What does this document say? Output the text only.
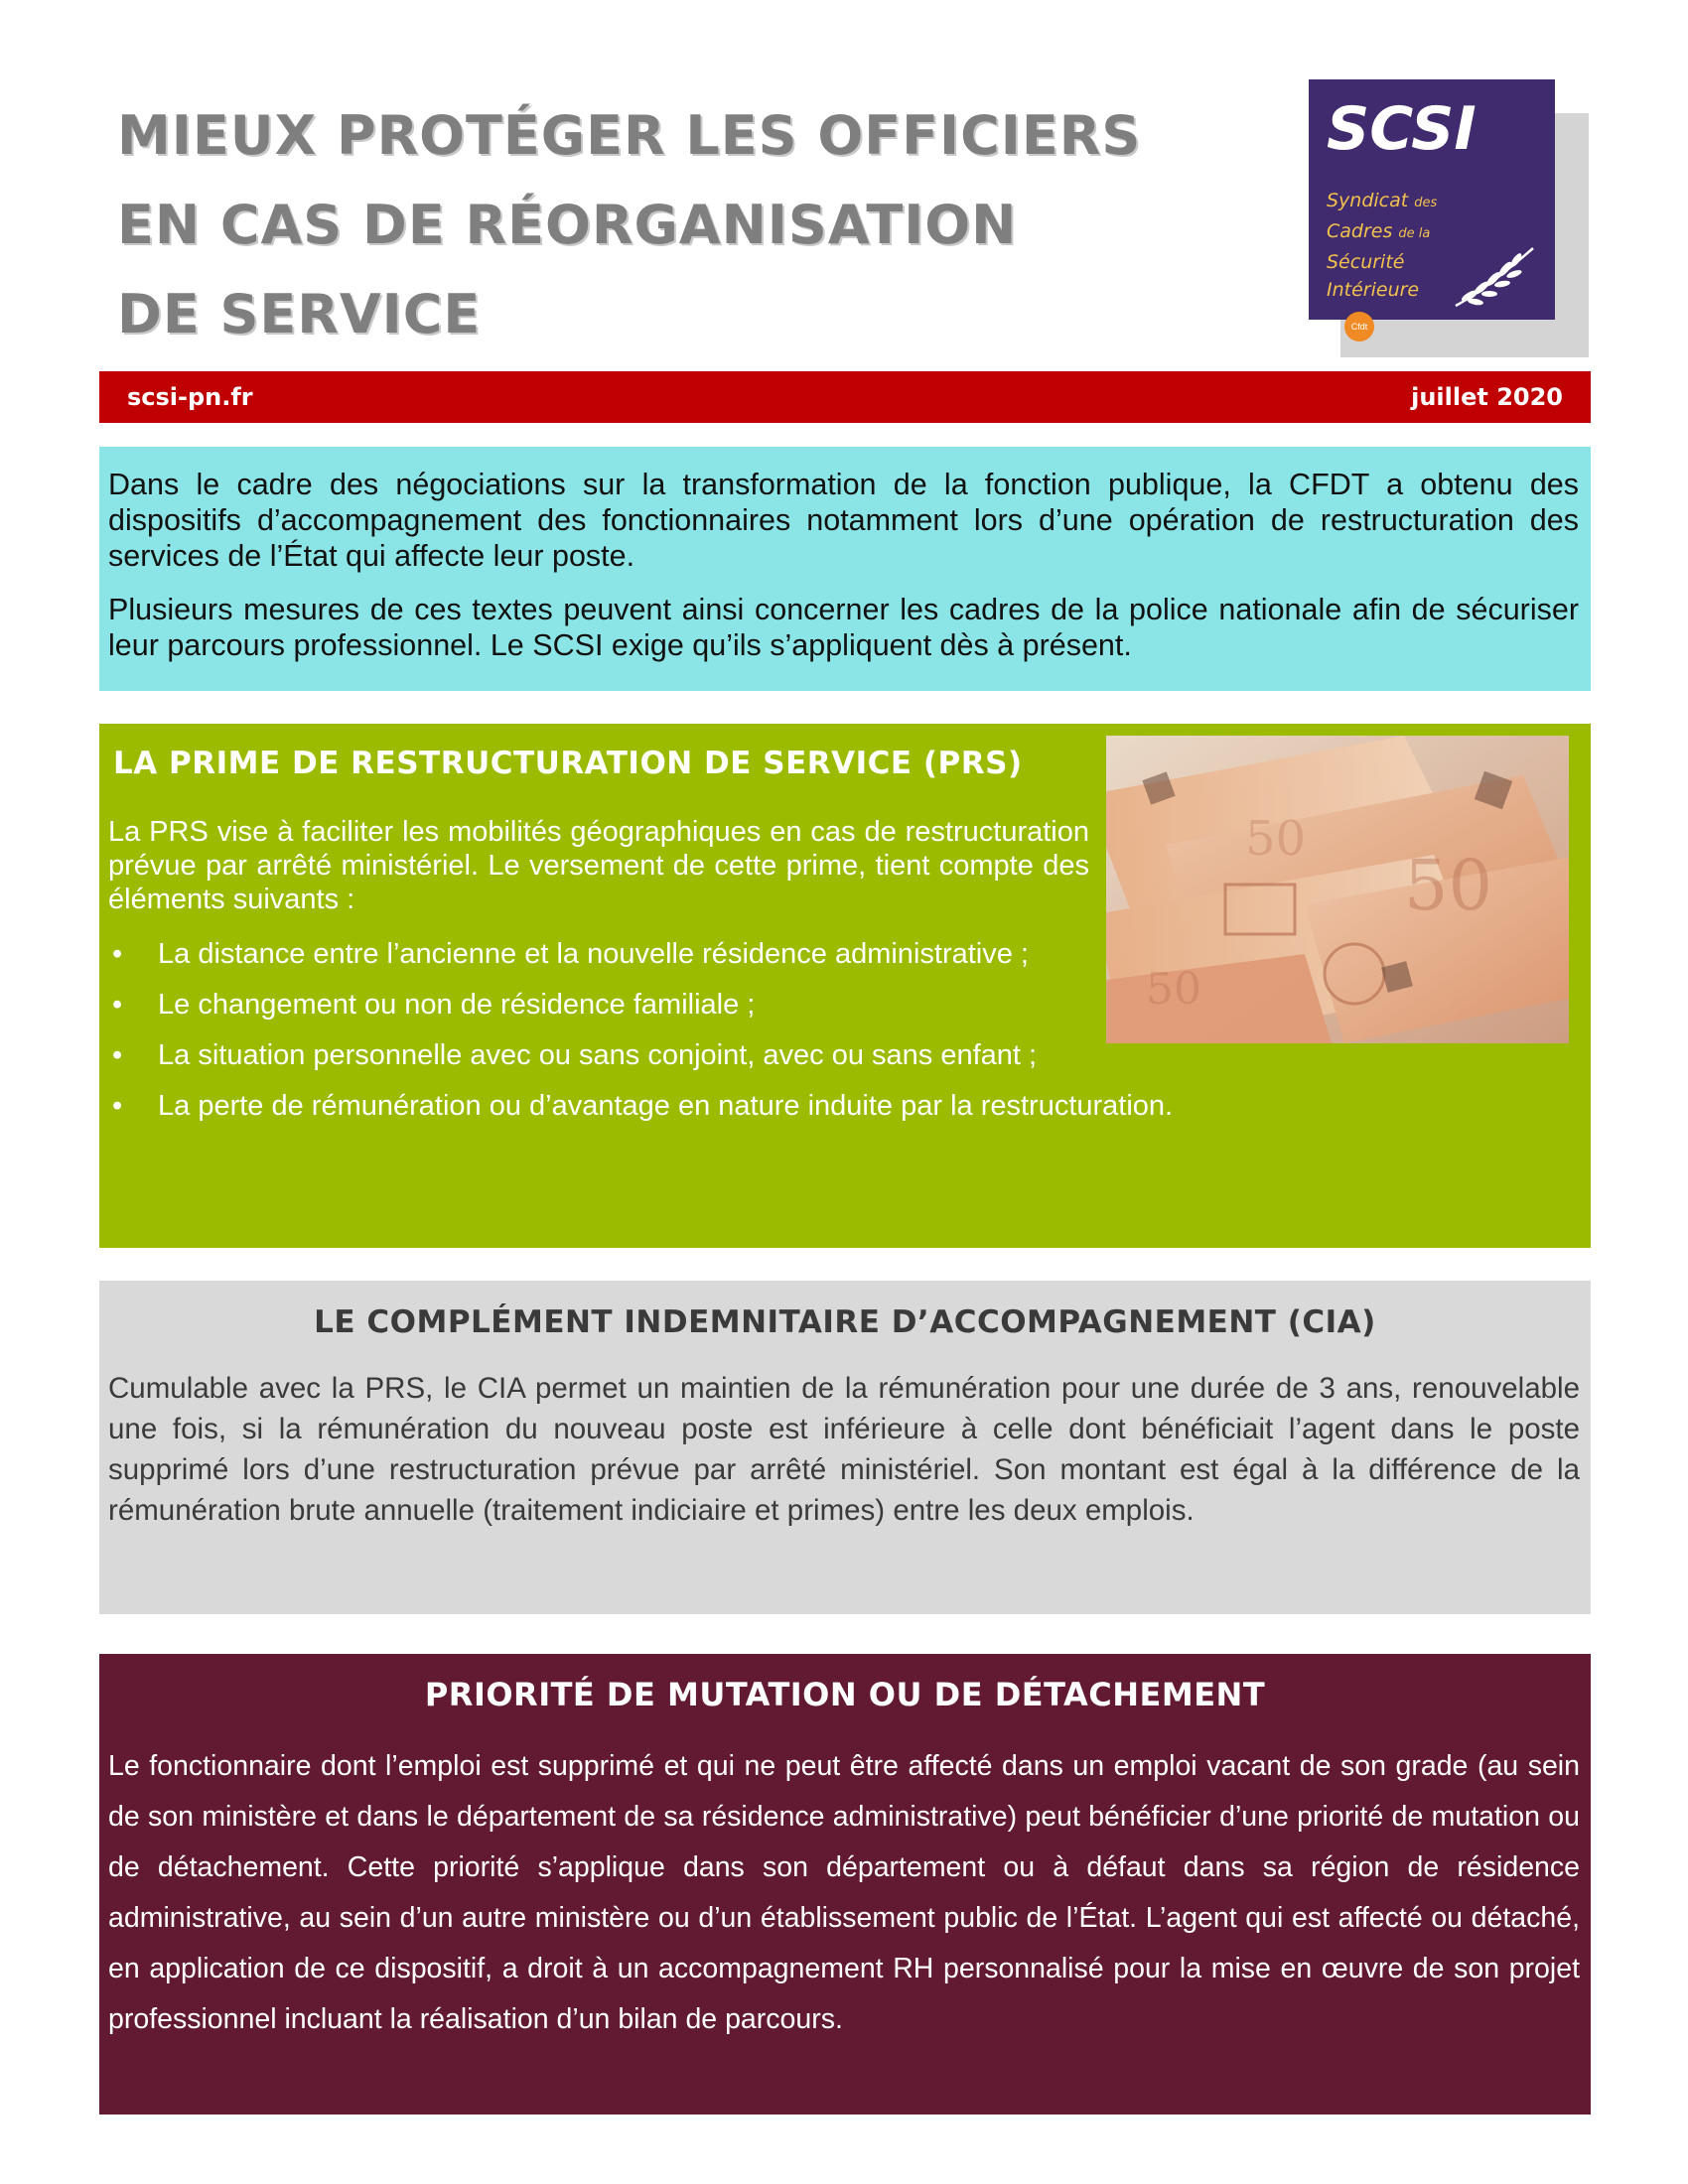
MIEUX PROTÉGER LES OFFICIERS
EN CAS DE RÉORGANISATION
DE SERVICE
SCSI
Syndicat des
Cadres de la
Sécurité
Intérieure
Cfdt
scsi-pn.fr	juillet 2020

Dans le cadre des négociations sur la transformation de la fonction publique, la CFDT a obtenu des dispositifs d’accompagnement des fonctionnaires notamment lors d’une opération de restructuration des services de l’État qui affecte leur poste.

Plusieurs mesures de ces textes peuvent ainsi concerner les cadres de la police nationale afin de sécuriser leur parcours professionnel. Le SCSI exige qu’ils s’appliquent dès à présent.

LA PRIME DE RESTRUCTURATION DE SERVICE (PRS)
La PRS vise à faciliter les mobilités géographiques en cas de restructuration prévue par arrêté ministériel. Le versement de cette prime, tient compte des éléments suivants :
• La distance entre l’ancienne et la nouvelle résidence administrative ;
• Le changement ou non de résidence familiale ;
• La situation personnelle avec ou sans conjoint, avec ou sans enfant ;
• La perte de rémunération ou d’avantage en nature induite par la restructuration.
50
50
50
LE COMPLÉMENT INDEMNITAIRE D’ACCOMPAGNEMENT (CIA)
Cumulable avec la PRS, le CIA permet un maintien de la rémunération pour une durée de 3 ans, renouvelable une fois, si la rémunération du nouveau poste est inférieure à celle dont bénéficiait l’agent dans le poste supprimé lors d’une restructuration prévue par arrêté ministériel. Son montant est égal à la différence de la rémunération brute annuelle (traitement indiciaire et primes) entre les deux emplois.
PRIORITÉ DE MUTATION OU DE DÉTACHEMENT
Le fonctionnaire dont l’emploi est supprimé et qui ne peut être affecté dans un emploi vacant de son grade (au sein de son ministère et dans le département de sa résidence administrative) peut bénéficier d’une priorité de mutation ou de détachement. Cette priorité s’applique dans son département ou à défaut dans sa région de résidence administrative, au sein d’un autre ministère ou d’un établissement public de l’État. L’agent qui est affecté ou détaché, en application de ce dispositif, a droit à un accompagnement RH personnalisé pour la mise en œuvre de son projet professionnel incluant la réalisation d’un bilan de parcours.
